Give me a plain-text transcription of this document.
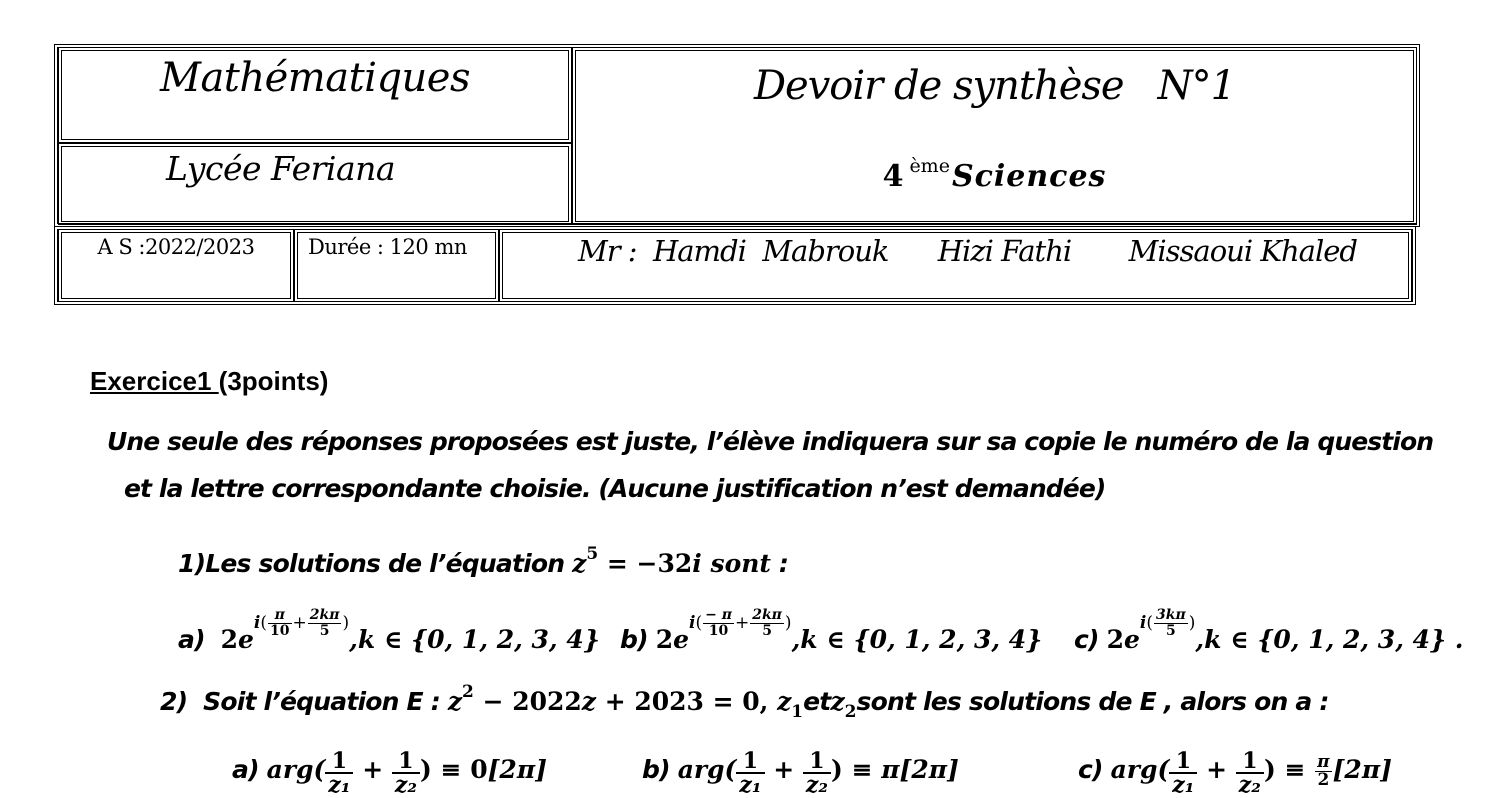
Mathématiques
Lycée Feriana
Devoir de synthèse N°1
4 $^{ème}$Sciences
A S :2022/2023	Durée : 120 mn	Mr :  Hamdi  Mabrouk      Hizi Fathi       Missaoui Khaled
Exercice1 (3points)
Une seule des réponses proposées est juste, l’élève indiquera sur sa copie le numéro de la question
et la lettre correspondante choisie. (Aucune justification n’est demandée)
1)Les solutions de l’équation $z^5 = -32i$ sont :
a) $2ei( \frac{\pi}{10} + \frac{2k\pi}{5} ),k$ ∈ {0, 1, 2, 3, 4} b) $2ei( \frac{- \pi}{10} + \frac{2k\pi}{5} ),k$ ∈ {0, 1, 2, 3, 4} c) $2ei( \frac{3k\pi}{5} ),k$ ∈ {0, 1, 2, 3, 4} .
2) Soit l’équation E : $z^2 - 2022z + 2023 = 0$, $z_1etz_2sont$ les solutions de E , alors on a :
a) $arg( \frac{1}{\text{z₁}} + \frac{1}{\text{z₂}}$ ) ≡ 0[2π]	b) $arg( \frac{1}{\text{z₁}} + \frac{1}{\text{z₂}}$ ) ≡ π[2π]	c) $arg( \frac{1}{\text{z₁}} + \frac{1}{\text{z₂}}$ ) ≡ $\frac{\pi}{2} [2\pi]$
